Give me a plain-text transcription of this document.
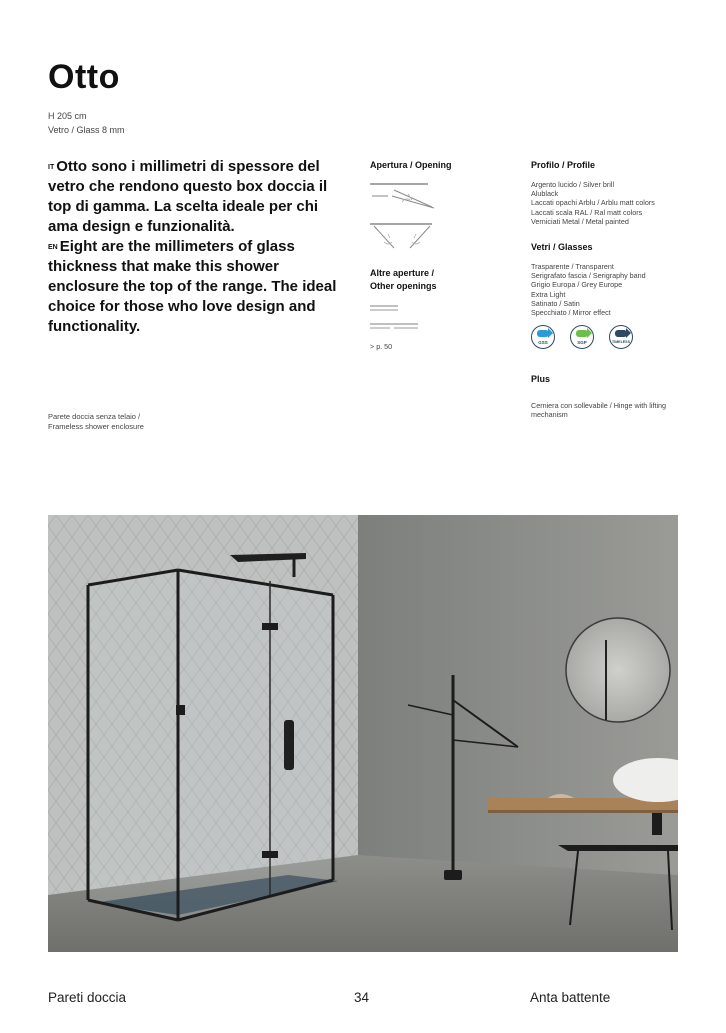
Otto
H 205 cm
Vetro / Glass 8 mm
$^{IT}$ Otto sono i millimetri di spessore del vetro che rendono questo box doccia il top di gamma. La scelta ideale per chi ama design e funzionalità.
$^{EN}$ Eight are the millimeters of glass thickness that make this shower enclosure the top of the range. The ideal choice for those who love design and functionality.
Parete doccia senza telaio /
Frameless shower enclosure
Apertura / Opening
Altre aperture /
Other openings
> p. 50
Profilo / Profile
Argento lucido / Silver brill
Alublack
Laccati opachi Arblu / Arblu matt colors
Laccati scala RAL / Ral matt colors
Verniciati Metal / Metal painted
Vetri / Glasses
Trasparente / Transparent
Serigrafato fascia / Serigraphy band
Grigio Europa / Grey Europe
Extra Light
Satinato / Satin
Specchiato / Mirror effect
GSS	SGP	TIMELESS
Plus
Cerniera con sollevabile / Hinge with lifting
mechanism
Pareti doccia	34	Anta battente
